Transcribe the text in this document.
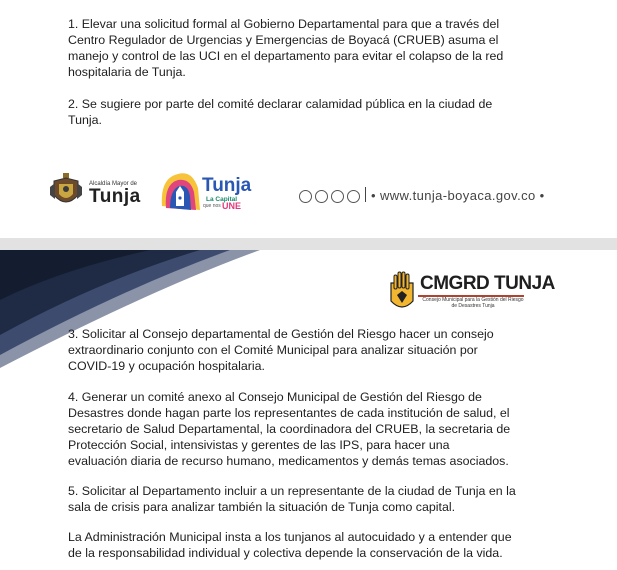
1. Elevar una solicitud formal al Gobierno Departamental para que a través del
Centro Regulador de Urgencias y Emergencias de Boyacá (CRUEB) asuma el
manejo y control de las UCI en el departamento para evitar el colapso de la red
hospitalaria de Tunja.
2. Se sugiere por parte del comité declarar calamidad pública en la ciudad de
Tunja.
Alcaldía Mayor de
Tunja
Tunja
La Capital
que nos UNE
• www.tunja-boyaca.gov.co •
CMGRD TUNJA
Consejo Municipal para la Gestión del Riesgo de Desastres Tunja
3. Solicitar al Consejo departamental de Gestión del Riesgo hacer un consejo
extraordinario conjunto con el Comité Municipal para analizar situación por
COVID-19 y ocupación hospitalaria.
4. Generar un comité anexo al Consejo Municipal de Gestión del Riesgo de
Desastres donde hagan parte los representantes de cada institución de salud, el
secretario de Salud Departamental, la coordinadora del CRUEB, la secretaria de
Protección Social, intensivistas y gerentes de las IPS, para hacer una
evaluación diaria de recurso humano, medicamentos y demás temas asociados.
5. Solicitar al Departamento incluir a un representante de la ciudad de Tunja en la
sala de crisis para analizar también la situación de Tunja como capital.
La Administración Municipal insta a los tunjanos al autocuidado y a entender que
de la responsabilidad individual y colectiva depende la conservación de la vida.
